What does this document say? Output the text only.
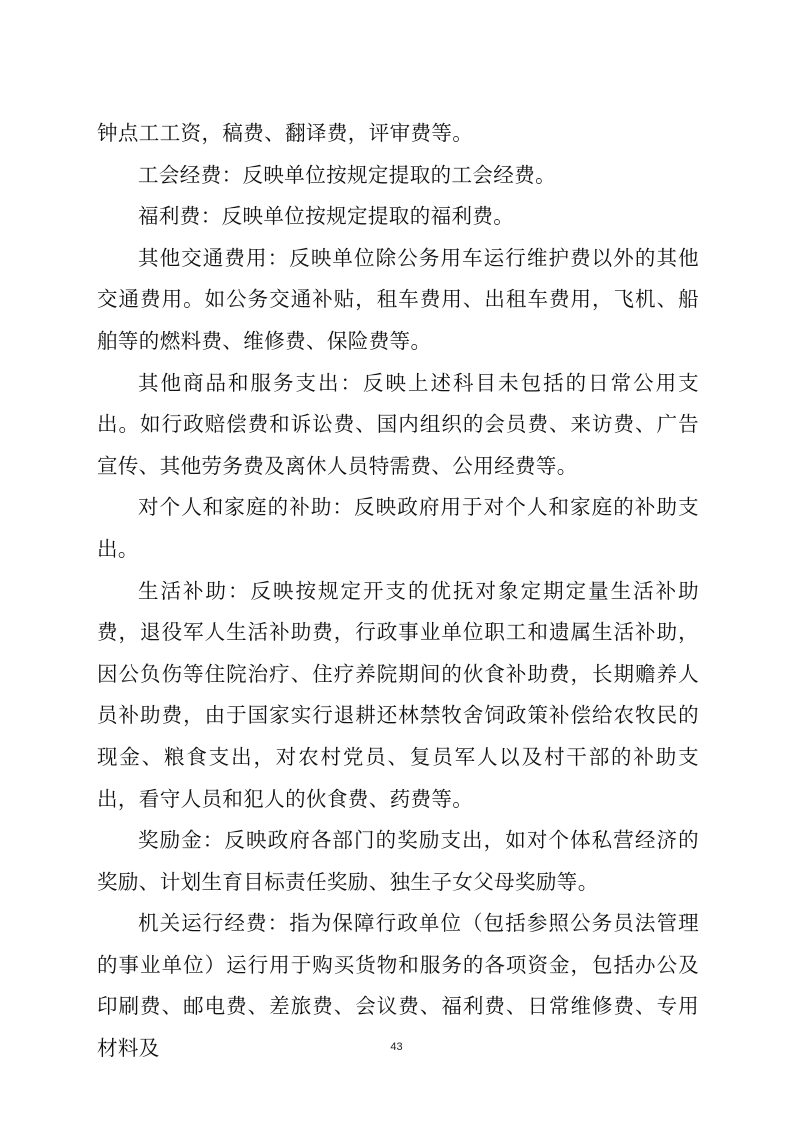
钟点工工资，稿费、翻译费，评审费等。

工会经费：反映单位按规定提取的工会经费。

福利费：反映单位按规定提取的福利费。

其他交通费用：反映单位除公务用车运行维护费以外的其他交通费用。如公务交通补贴，租车费用、出租车费用，飞机、船舶等的燃料费、维修费、保险费等。

其他商品和服务支出：反映上述科目未包括的日常公用支出。如行政赔偿费和诉讼费、国内组织的会员费、来访费、广告宣传、其他劳务费及离休人员特需费、公用经费等。

对个人和家庭的补助：反映政府用于对个人和家庭的补助支出。

生活补助：反映按规定开支的优抚对象定期定量生活补助费，退役军人生活补助费，行政事业单位职工和遗属生活补助，因公负伤等住院治疗、住疗养院期间的伙食补助费，长期赡养人员补助费，由于国家实行退耕还林禁牧舍饲政策补偿给农牧民的现金、粮食支出，对农村党员、复员军人以及村干部的补助支出，看守人员和犯人的伙食费、药费等。

奖励金：反映政府各部门的奖励支出，如对个体私营经济的奖励、计划生育目标责任奖励、独生子女父母奖励等。

机关运行经费：指为保障行政单位（包括参照公务员法管理的事业单位）运行用于购买货物和服务的各项资金，包括办公及印刷费、邮电费、差旅费、会议费、福利费、日常维修费、专用材料及	43
